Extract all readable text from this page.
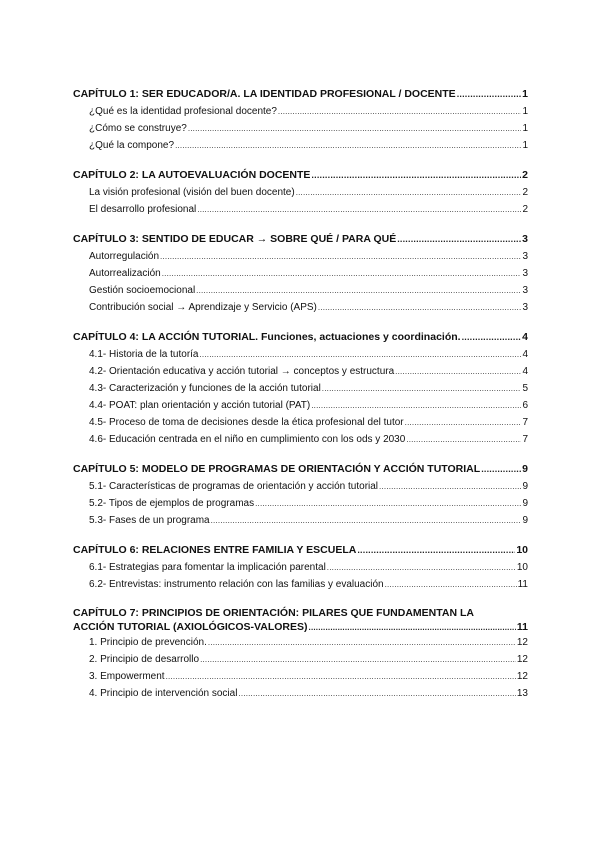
CAPÍTULO 1: SER EDUCADOR/A. LA IDENTIDAD PROFESIONAL / DOCENTE .....	1
¿Qué es la identidad profesional docente? .....	1
¿Cómo se construye? .....	1
¿Qué la compone? .....	1
CAPÍTULO 2: LA AUTOEVALUACIÓN DOCENTE .....	2
La visión profesional (visión del buen docente) .....	2
El desarrollo profesional .....	2
CAPÍTULO 3: SENTIDO DE EDUCAR → SOBRE QUÉ / PARA QUÉ .....	3
Autorregulación .....	3
Autorrealización .....	3
Gestión socioemocional .....	3
Contribución social → Aprendizaje y Servicio (APS) .....	3
CAPÍTULO 4: LA ACCIÓN TUTORIAL. Funciones, actuaciones y coordinación. .....	4
4.1- Historia de la tutoría .....	4
4.2- Orientación educativa y acción tutorial → conceptos y estructura .....	4
4.3- Caracterización y funciones de la acción tutorial .....	5
4.4- POAT: plan orientación y acción tutorial (PAT) .....	6
4.5- Proceso de toma de decisiones desde la ética profesional del tutor .....	7
4.6- Educación centrada en el niño en cumplimiento con los ods y 2030 .....	7
CAPÍTULO 5: MODELO DE PROGRAMAS DE ORIENTACIÓN Y ACCIÓN TUTORIAL .....	9
5.1- Características de programas de orientación y acción tutorial .....	9
5.2- Tipos de ejemplos de programas .....	9
5.3- Fases de un programa .....	9
CAPÍTULO 6: RELACIONES ENTRE FAMILIA Y ESCUELA .....	10
6.1- Estrategias para fomentar la implicación parental .....	10
6.2- Entrevistas: instrumento relación con las familias y evaluación .....	11
CAPÍTULO 7: PRINCIPIOS DE ORIENTACIÓN: PILARES QUE FUNDAMENTAN LA
ACCIÓN TUTORIAL (AXIOLÓGICOS-VALORES) .....	11
1. Principio de prevención. .....	12
2. Principio de desarrollo .....	12
3. Empowerment .....	12
4. Principio de intervención social .....	13
